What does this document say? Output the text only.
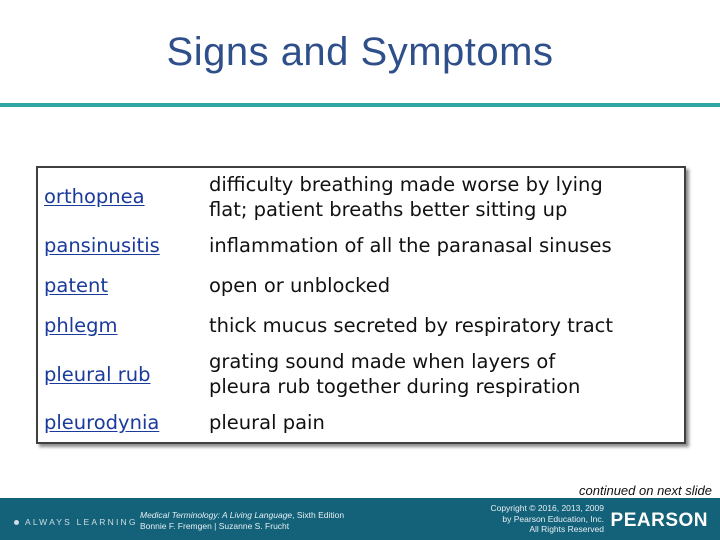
Signs and Symptoms
orthopnea	difficulty breathing made worse by lying
flat; patient breaths better sitting up

pansinusitis	inflammation of all the paranasal sinuses
patent	open or unblocked
phlegm	thick mucus secreted by respiratory tract
pleural rub	grating sound made when layers of
pleura rub together during respiration

pleurodynia	pleural pain
continued on next slide
ALWAYS LEARNING
Medical Terminology: A Living Language, Sixth Edition
Bonnie F. Fremgen | Suzanne S. Frucht
Copyright © 2016, 2013, 2009
by Pearson Education, Inc.
All Rights Reserved PEARSON
